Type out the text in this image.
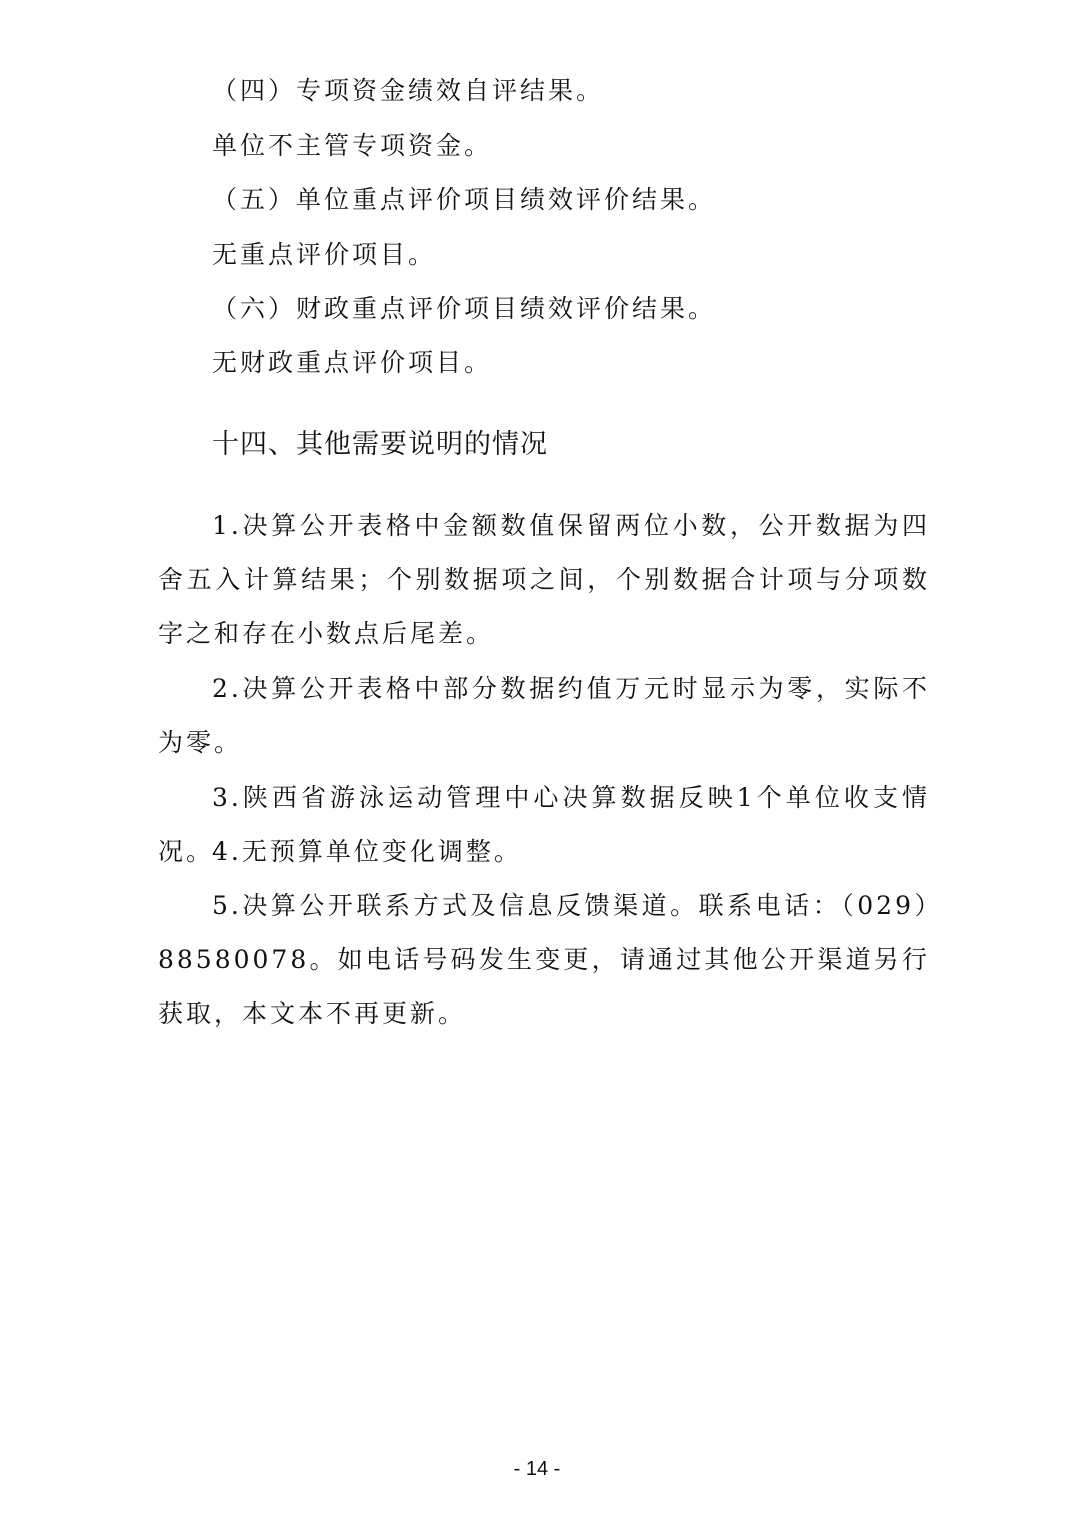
（四）专项资金绩效自评结果。
单位不主管专项资金。
（五）单位重点评价项目绩效评价结果。
无重点评价项目。
（六）财政重点评价项目绩效评价结果。
无财政重点评价项目。
十四、其他需要说明的情况
1.决算公开表格中金额数值保留两位小数，公开数据为四舍五入计算结果；个别数据项之间，个别数据合计项与分项数字之和存在小数点后尾差。
2.决算公开表格中部分数据约值万元时显示为零，实际不为零。
3.陕西省游泳运动管理中心决算数据反映1个单位收支情况。
4.无预算单位变化调整。
5.决算公开联系方式及信息反馈渠道。联系电话：（029）88580078。如电话号码发生变更，请通过其他公开渠道另行获取，本文本不再更新。
- 14 -
